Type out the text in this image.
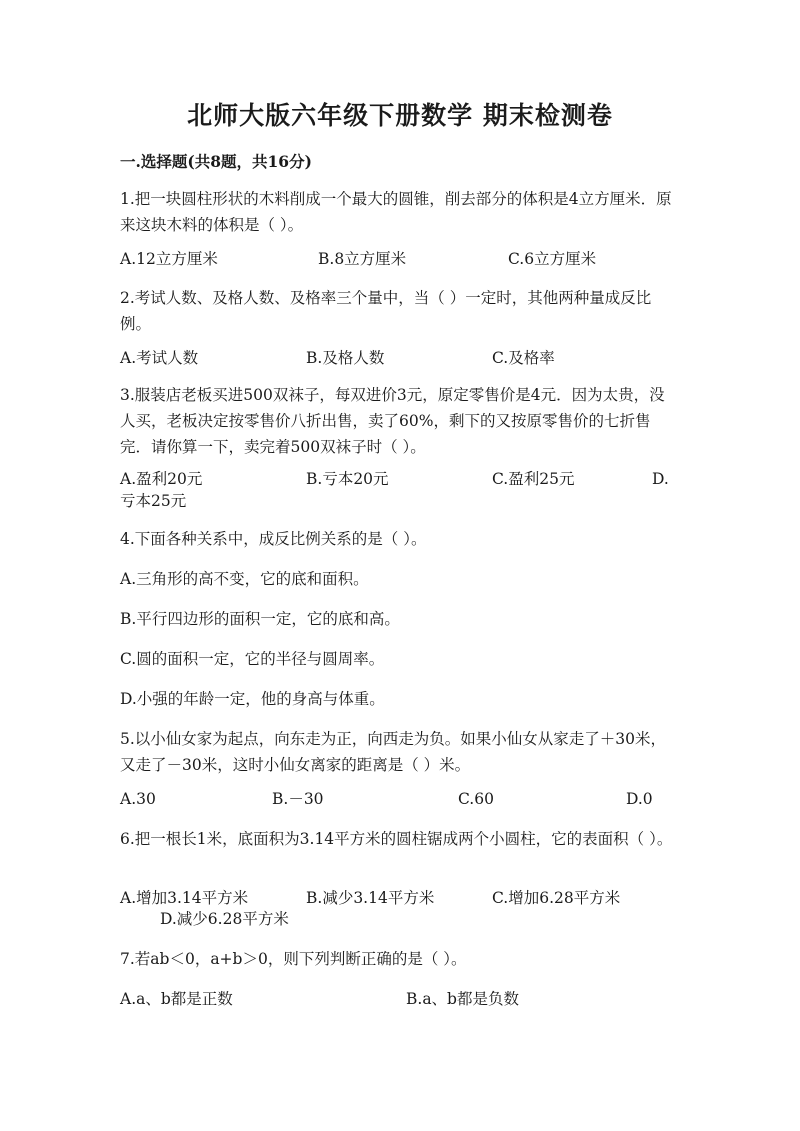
北师大版六年级下册数学 期末检测卷
一.选择题(共8题，共16分)
1.把一块圆柱形状的木料削成一个最大的圆锥，削去部分的体积是4立方厘米．原来这块木料的体积是（ ）。
A.12立方厘米	B.8立方厘米	C.6立方厘米
2.考试人数、及格人数、及格率三个量中，当（ ）一定时，其他两种量成反比例。
A.考试人数	B.及格人数	C.及格率
3.服装店老板买进500双袜子，每双进价3元，原定零售价是4元．因为太贵，没人买，老板决定按零售价八折出售，卖了60%，剩下的又按原零售价的七折售完．请你算一下，卖完着500双袜子时（ ）。
A.盈利20元	B.亏本20元	C.盈利25元	D.
亏本25元
4.下面各种关系中，成反比例关系的是（ ）。
A.三角形的高不变，它的底和面积。
B.平行四边形的面积一定，它的底和高。
C.圆的面积一定，它的半径与圆周率。
D.小强的年龄一定，他的身高与体重。
5.以小仙女家为起点，向东走为正，向西走为负。如果小仙女从家走了＋30米，又走了－30米，这时小仙女离家的距离是（ ）米。
A.30	B.－30	C.60	D.0
6.把一根长1米，底面积为3.14平方米的圆柱锯成两个小圆柱，它的表面积（ ）。
A.增加3.14平方米	B.减少3.14平方米	C.增加6.28平方米
D.减少6.28平方米
7.若ab＜0，a+b＞0，则下列判断正确的是（ ）。
A.a、b都是正数	B.a、b都是负数
